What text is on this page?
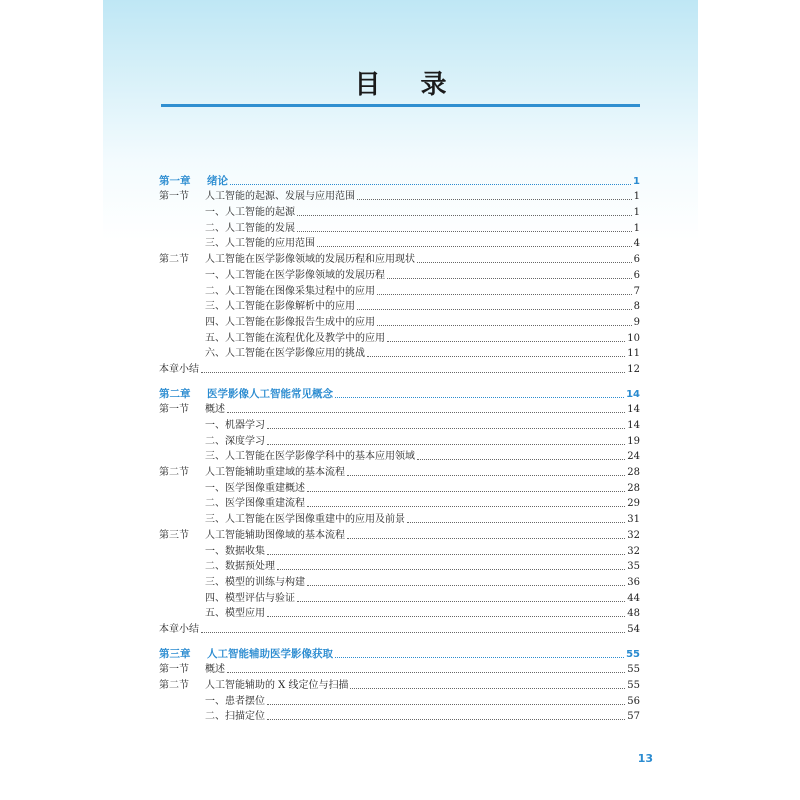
目录
第一章 绪论	1
第一节 人工智能的起源、发展与应用范围	1
一、人工智能的起源	1
二、人工智能的发展	1
三、人工智能的应用范围	4
第二节 人工智能在医学影像领域的发展历程和应用现状	6
一、人工智能在医学影像领域的发展历程	6
二、人工智能在图像采集过程中的应用	7
三、人工智能在影像解析中的应用	8
四、人工智能在影像报告生成中的应用	9
五、人工智能在流程优化及教学中的应用	10
六、人工智能在医学影像应用的挑战	11
本章小结	12
第二章 医学影像人工智能常见概念	14
第一节 概述	14
一、机器学习	14
二、深度学习	19
三、人工智能在医学影像学科中的基本应用领域	24
第二节 人工智能辅助重建域的基本流程	28
一、医学图像重建概述	28
二、医学图像重建流程	29
三、人工智能在医学图像重建中的应用及前景	31
第三节 人工智能辅助图像域的基本流程	32
一、数据收集	32
二、数据预处理	35
三、模型的训练与构建	36
四、模型评估与验证	44
五、模型应用	48
本章小结	54
第三章 人工智能辅助医学影像获取	55
第一节 概述	55
第二节 人工智能辅助的 X 线定位与扫描	55
一、患者摆位	56
二、扫描定位	57
13
